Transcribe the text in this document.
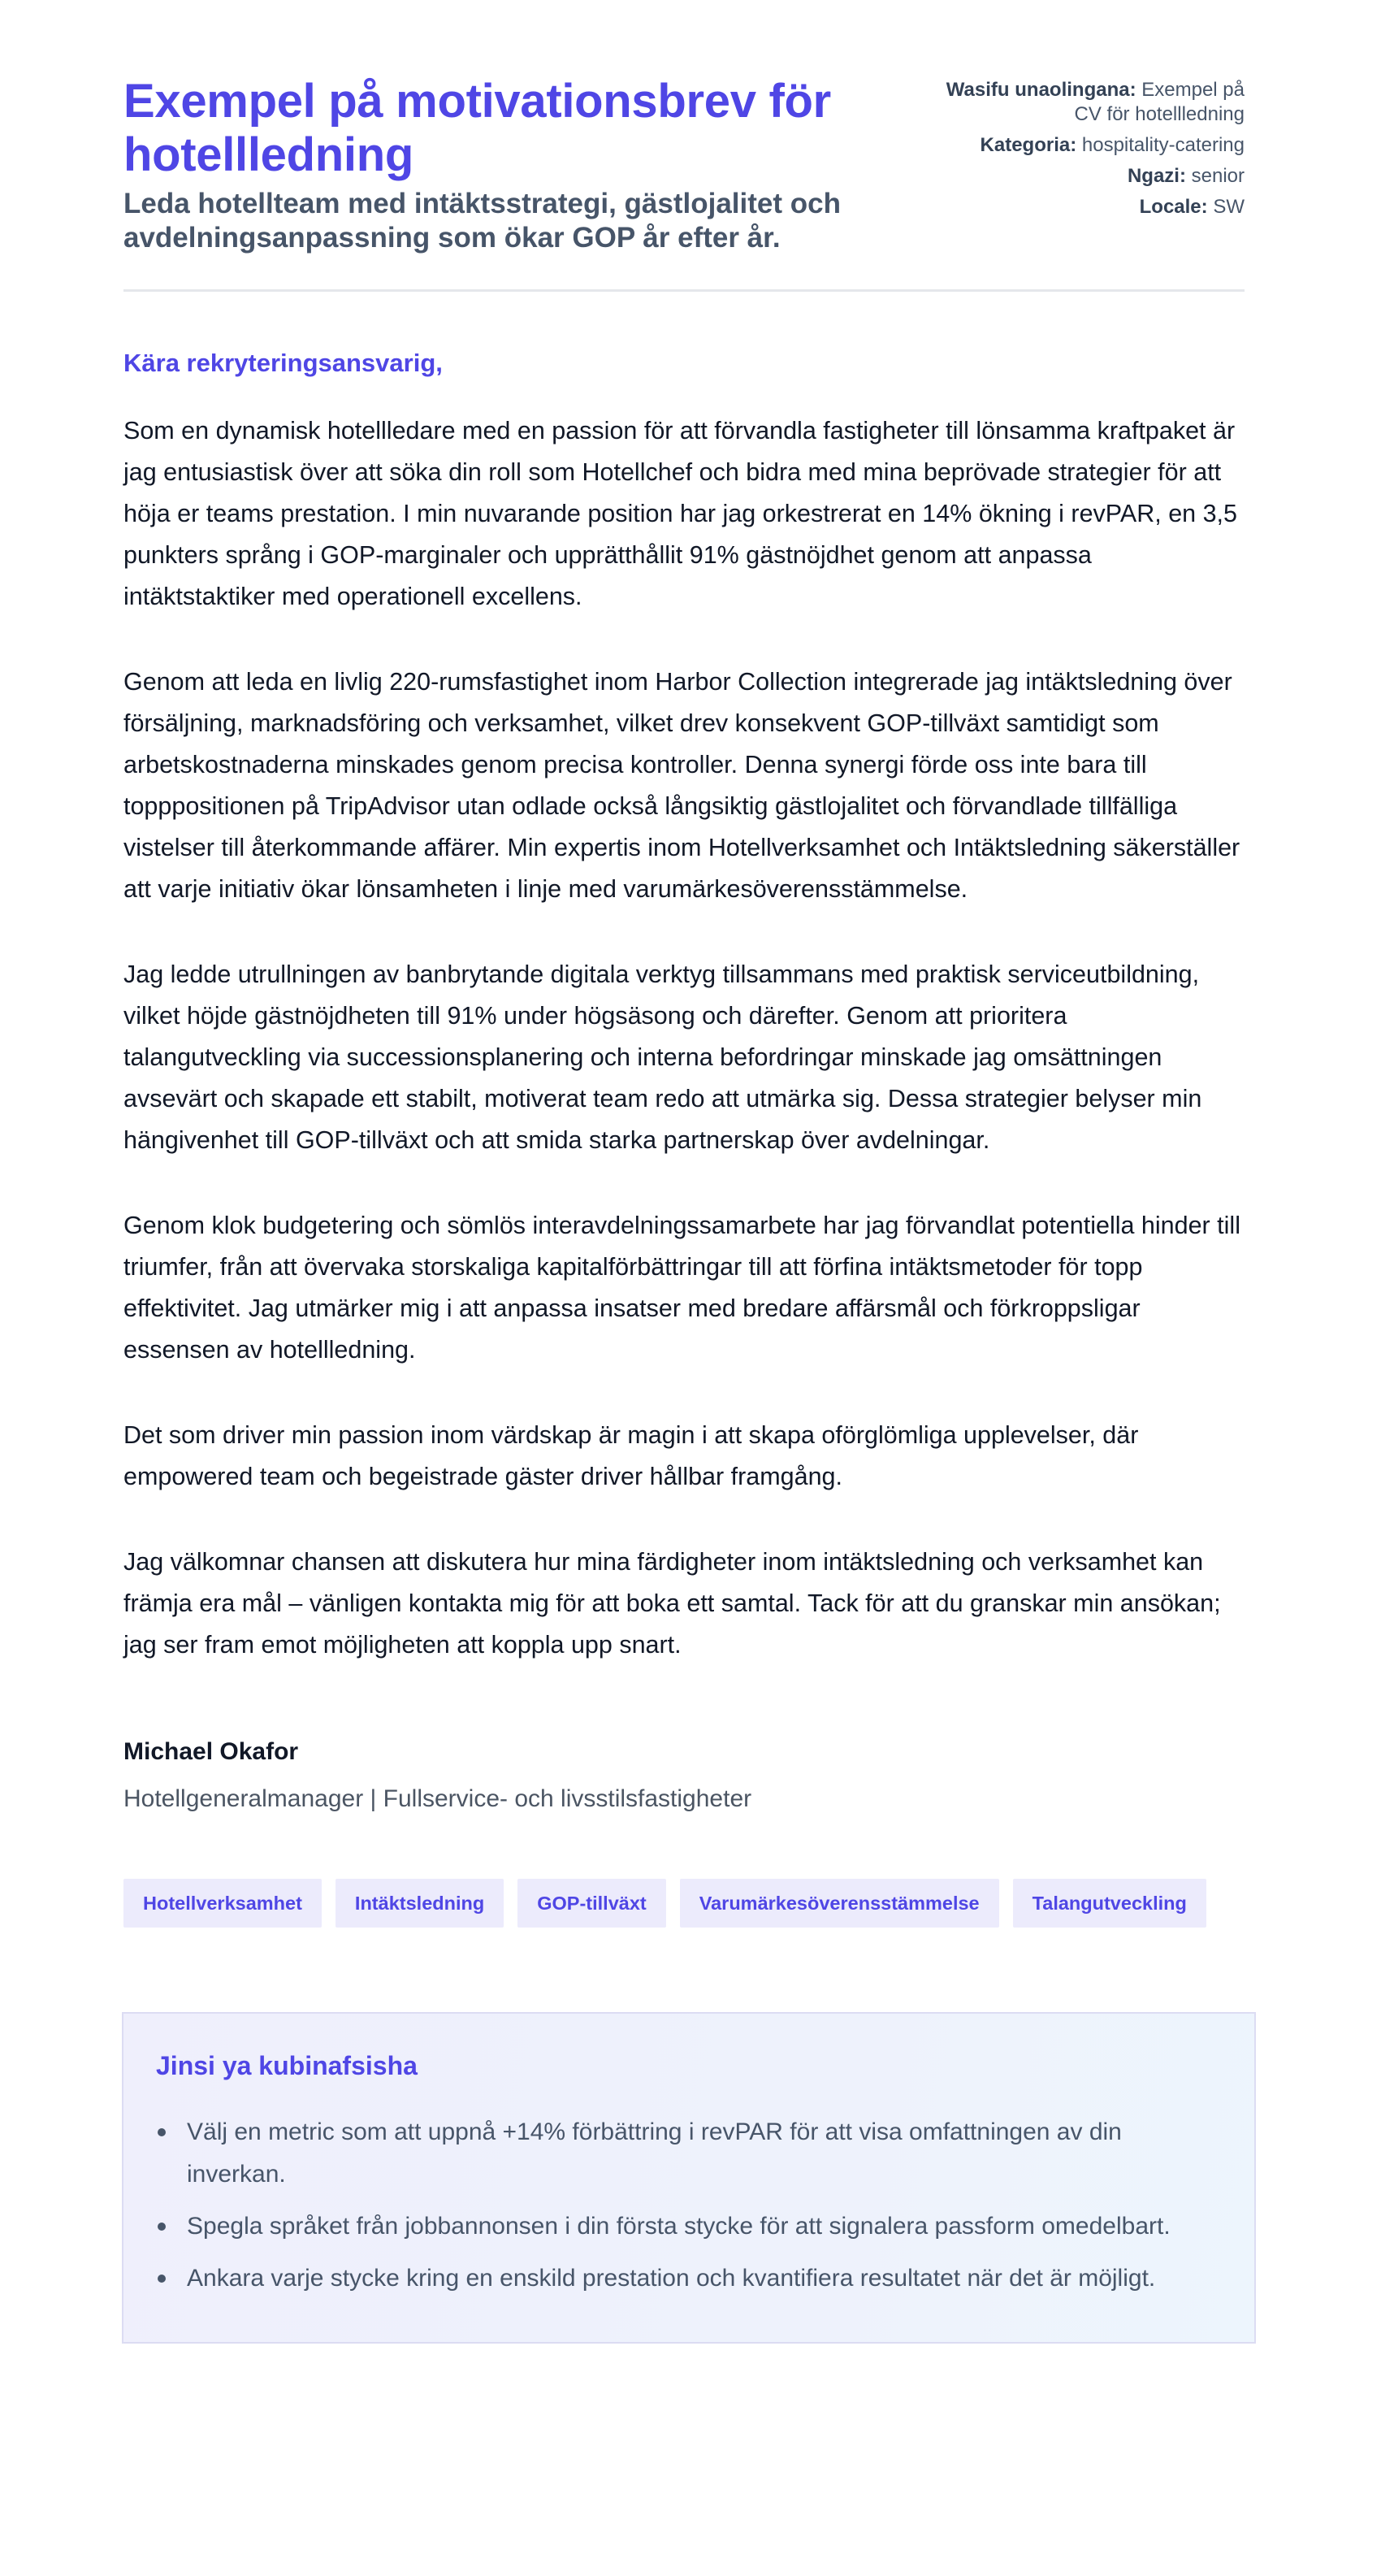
Exempel på motivationsbrev för hotellledning
Leda hotellteam med intäktsstrategi, gästlojalitet och avdelningsanpassning som ökar GOP år efter år.
Wasifu unaolingana: Exempel på CV för hotellledning
Kategoria: hospitality-catering
Ngazi: senior
Locale: SW

Kära rekryteringsansvarig,

Som en dynamisk hotellledare med en passion för att förvandla fastigheter till lönsamma kraftpaket är jag entusiastisk över att söka din roll som Hotellchef och bidra med mina beprövade strategier för att höja er teams prestation. I min nuvarande position har jag orkestrerat en 14% ökning i revPAR, en 3,5 punkters språng i GOP-marginaler och upprätthållit 91% gästnöjdhet genom att anpassa intäktstaktiker med operationell excellens.

Genom att leda en livlig 220-rumsfastighet inom Harbor Collection integrerade jag intäktsledning över försäljning, marknadsföring och verksamhet, vilket drev konsekvent GOP-tillväxt samtidigt som arbetskostnaderna minskades genom precisa kontroller. Denna synergi förde oss inte bara till topppositionen på TripAdvisor utan odlade också långsiktig gästlojalitet och förvandlade tillfälliga vistelser till återkommande affärer. Min expertis inom Hotellverksamhet och Intäktsledning säkerställer att varje initiativ ökar lönsamheten i linje med varumärkesöverensstämmelse.

Jag ledde utrullningen av banbrytande digitala verktyg tillsammans med praktisk serviceutbildning, vilket höjde gästnöjdheten till 91% under högsäsong och därefter. Genom att prioritera talangutveckling via successionsplanering och interna befordringar minskade jag omsättningen avsevärt och skapade ett stabilt, motiverat team redo att utmärka sig. Dessa strategier belyser min hängivenhet till GOP-tillväxt och att smida starka partnerskap över avdelningar.

Genom klok budgetering och sömlös interavdelningssamarbete har jag förvandlat potentiella hinder till triumfer, från att övervaka storskaliga kapitalförbättringar till att förfina intäktsmetoder för topp effektivitet. Jag utmärker mig i att anpassa insatser med bredare affärsmål och förkroppsligar essensen av hotellledning.

Det som driver min passion inom värdskap är magin i att skapa oförglömliga upplevelser, där empowered team och begeistrade gäster driver hållbar framgång.

Jag välkomnar chansen att diskutera hur mina färdigheter inom intäktsledning och verksamhet kan främja era mål – vänligen kontakta mig för att boka ett samtal. Tack för att du granskar min ansökan; jag ser fram emot möjligheten att koppla upp snart.

Michael Okafor
Hotellgeneralmanager | Fullservice- och livsstilsfastigheter
Hotellverksamhet	Intäktsledning	GOP-tillväxt	Varumärkesöverensstämmelse	Talangutveckling
Jinsi ya kubinafsisha
Välj en metric som att uppnå +14% förbättring i revPAR för att visa omfattningen av din inverkan.
Spegla språket från jobbannonsen i din första stycke för att signalera passform omedelbart.
Ankara varje stycke kring en enskild prestation och kvantifiera resultatet när det är möjligt.
